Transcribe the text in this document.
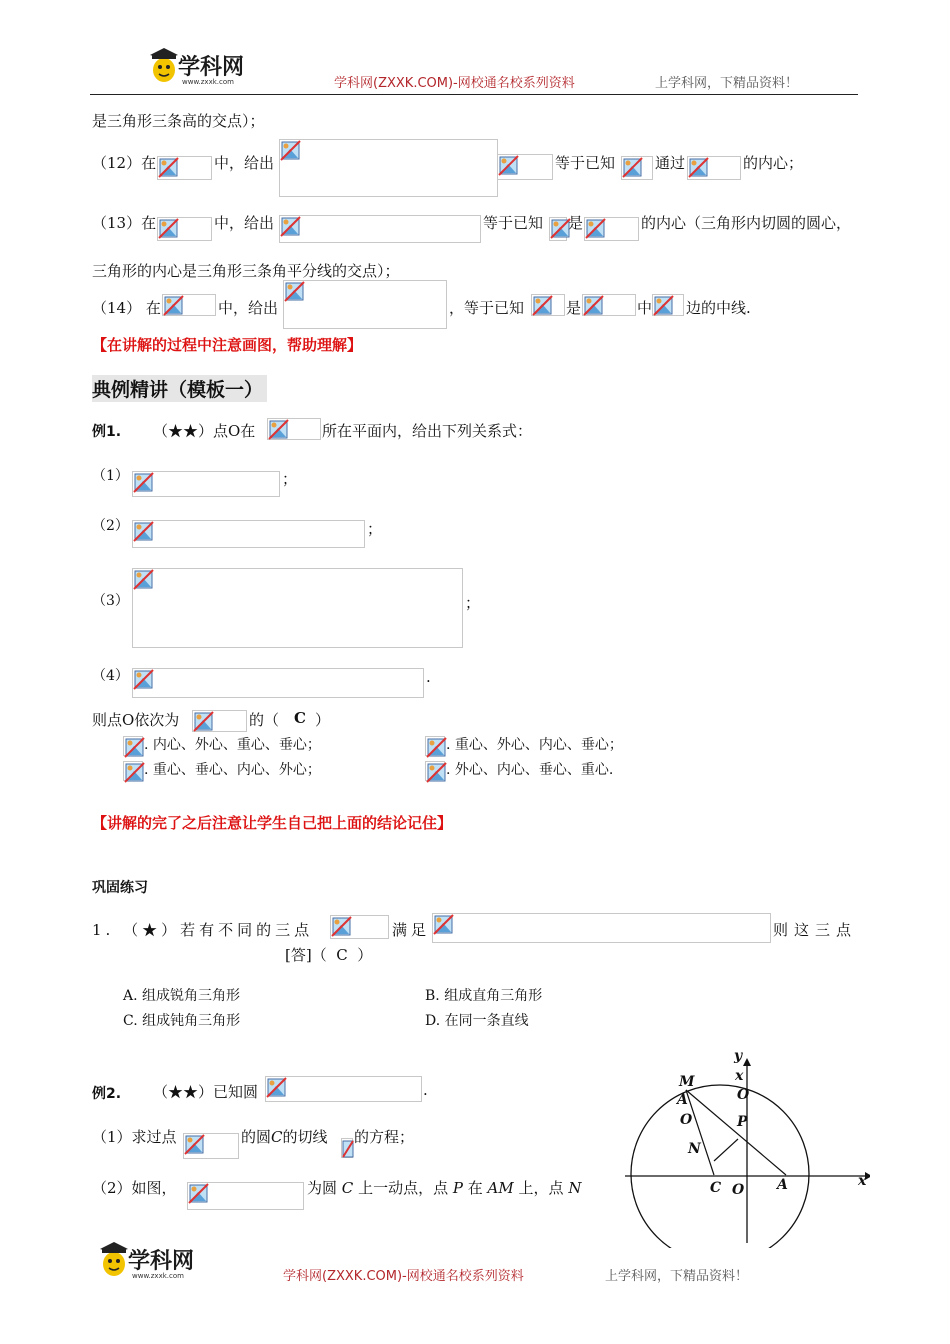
学科网
www.zxxk.com	学科网(ZXXK.COM)-网校通名校系列资料	上学科网，下精品资料！
是三角形三条高的交点）；
（12）在	中，给出	等于已知	通过	的内心；
（13）在	中，给出	等于已知 是	的内心（三角形内切圆的圆心，
三角形的内心是三角形三条角平分线的交点）；
（14） 在	中，给出	，等于已知	是	中 边的中线.
【在讲解的过程中注意画图，帮助理解】
典例精讲（模板一）
例1. （★★）点O在	所在平面内，给出下列关系式：
（1）	；
（2）	；
（3）	；
（4）	.
则点O依次为	的（ C ）
. 内心、外心、重心、垂心；	. 重心、外心、内心、垂心；
. 重心、垂心、内心、外心；	. 外心、内心、垂心、重心.
【讲解的完了之后注意让学生自己把上面的结论记住】
巩固练习
1. （★）若有不同的三点	满足	则这三点
[答]（ C ）
A. 组成锐角三角形	B. 组成直角三角形
C. 组成钝角三角形	D. 在同一条直线
例2. （★★）已知圆	.
（1）求过点	的圆C的切线 的方程；
（2）如图，	为圆 C 上一动点，点 P 在 AM 上，点 N
y
x
M
O
A
O	P
N
C O A	x
学科网
www.zxxk.com	学科网(ZXXK.COM)-网校通名校系列资料	上学科网，下精品资料！
